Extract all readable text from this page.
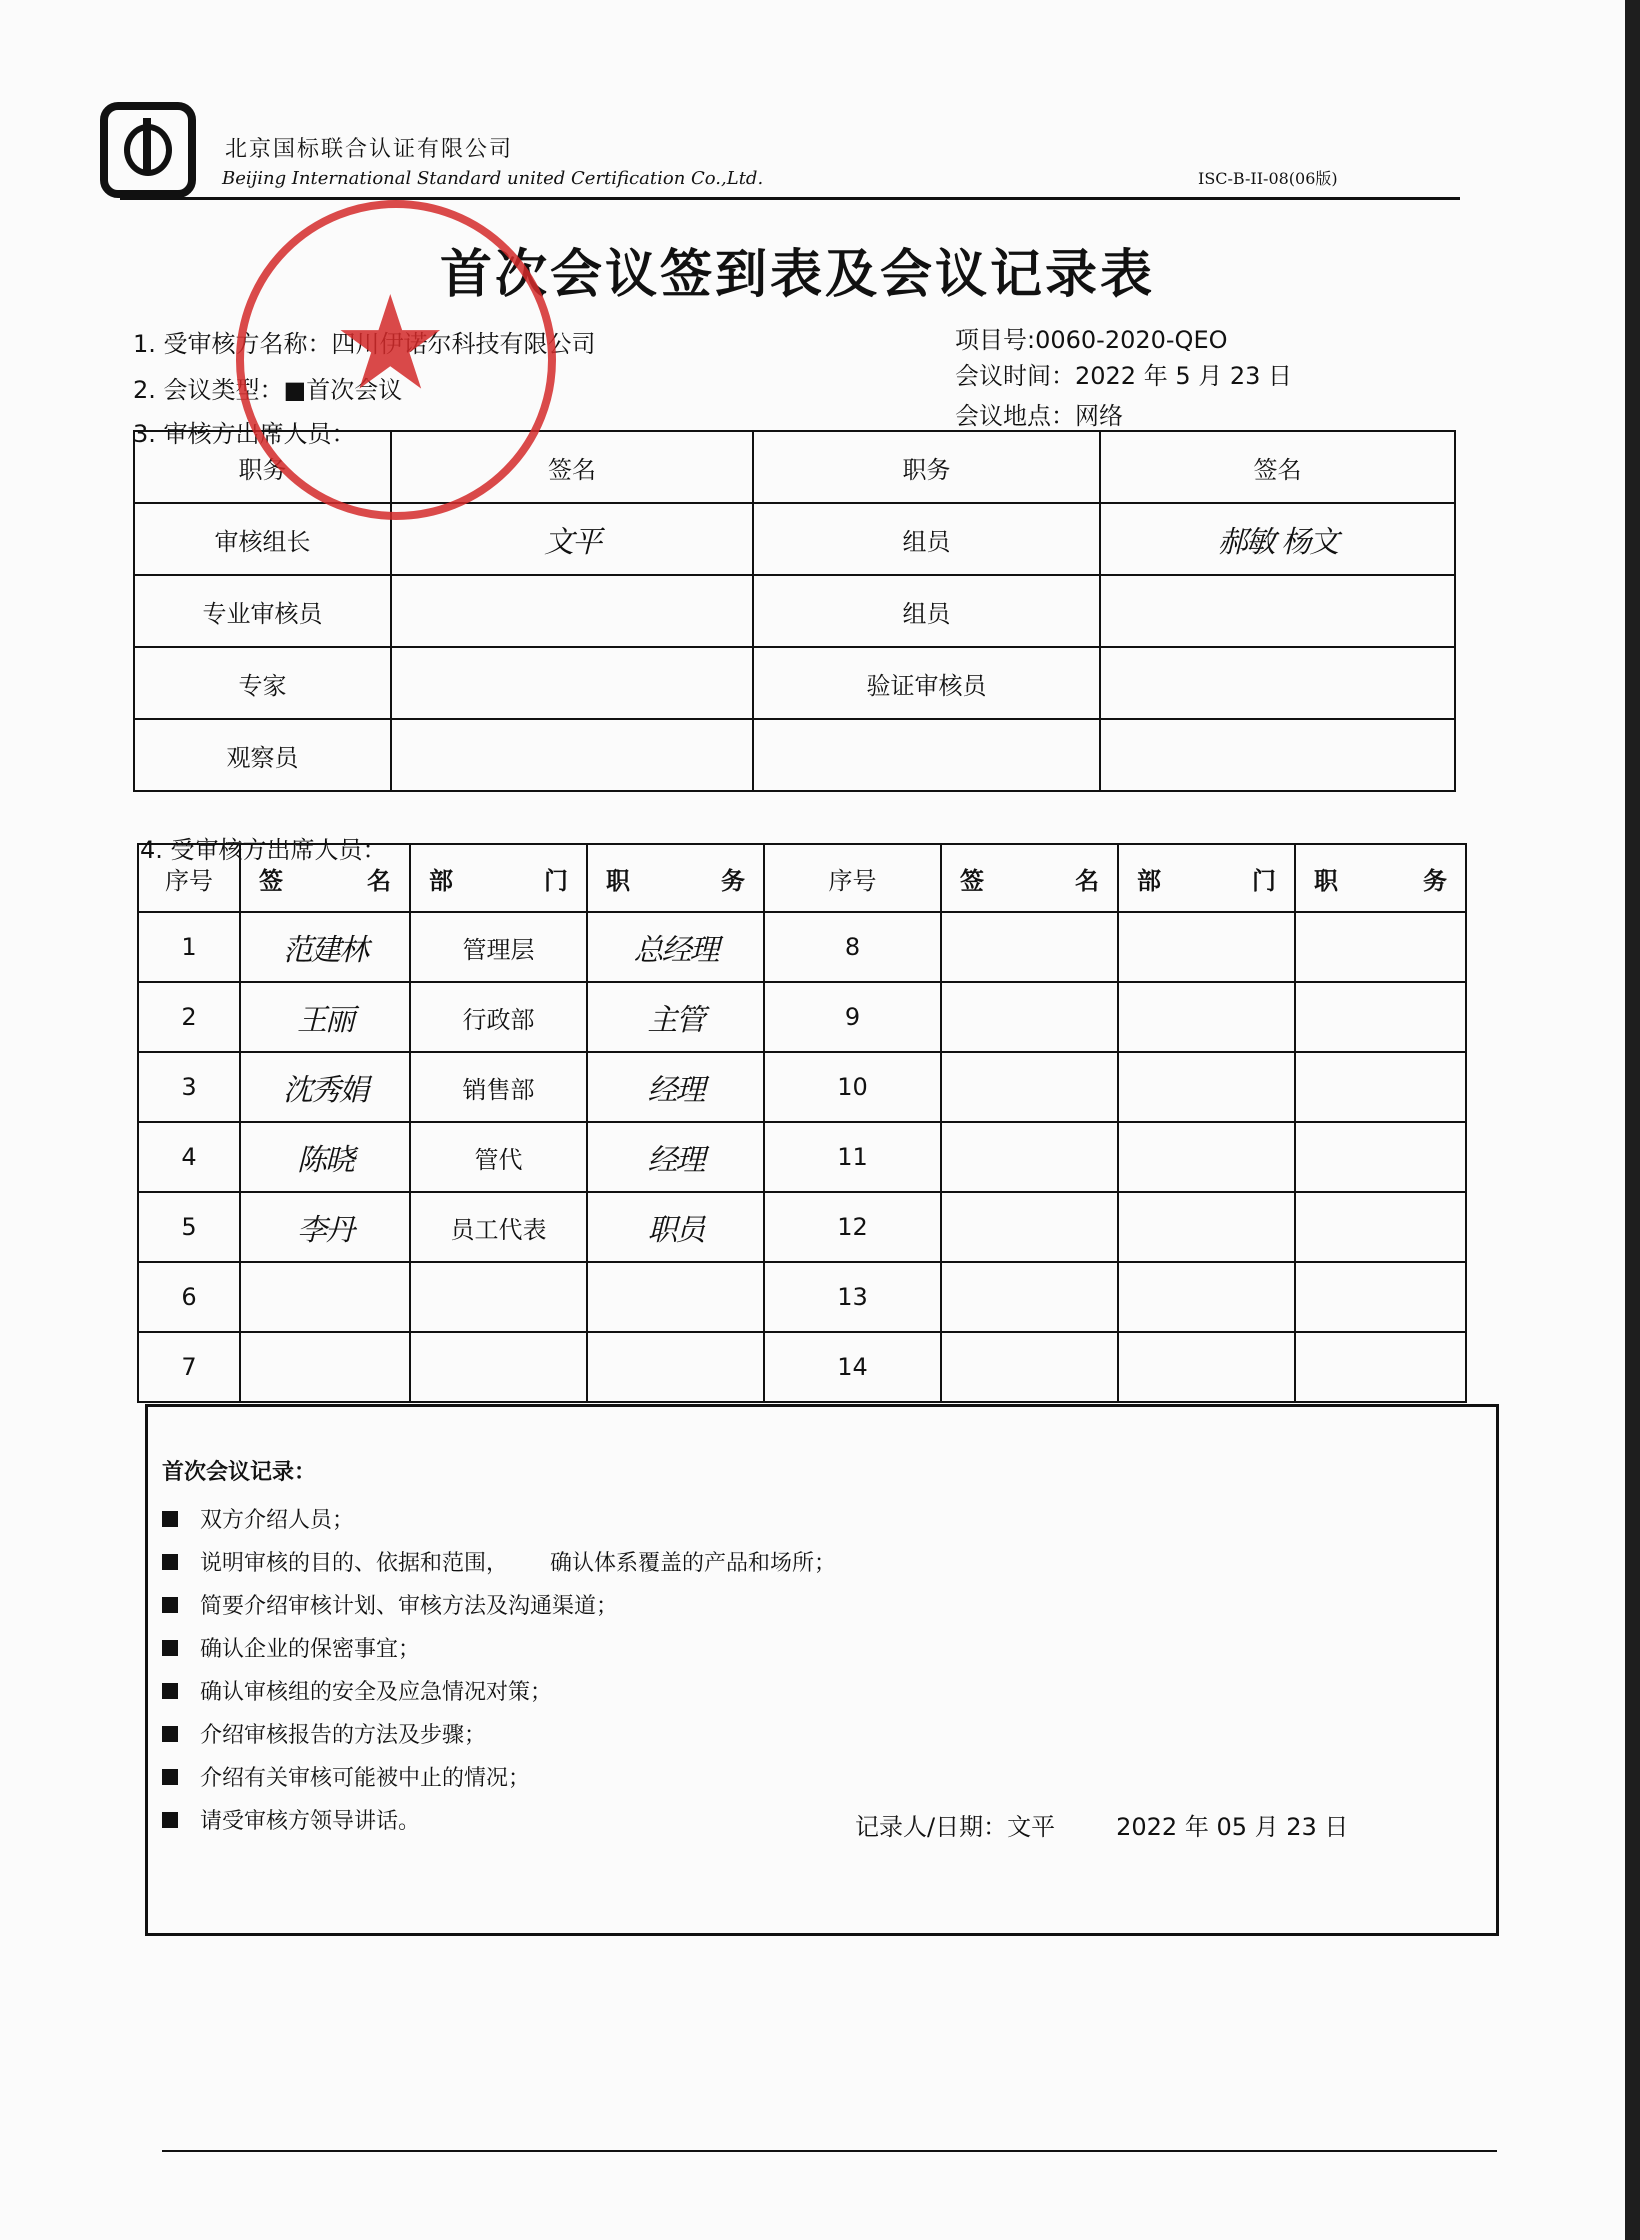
北京国标联合认证有限公司
Beijing International Standard united Certification Co.,Ltd.	ISC-B-II-08(06版)
首次会议签到表及会议记录表
1. 受审核方名称：四川伊诺尔科技有限公司
2. 会议类型：■首次会议
3. 审核方出席人员：
项目号:0060-2020-QEO
会议时间：2022 年 5 月 23 日
会议地点：网络
职务	签名	职务	签名
审核组长	文平	组员	郝敏 杨文
专业审核员		组员	
专家		验证审核员	
观察员			
4. 受审核方出席人员：
序号	签 名	部 门	职 务	序号	签 名	部 门	职 务

1	范建林	管理层	总经理	8			
2	王丽	行政部	主管	9			
3	沈秀娟	销售部	经理	10			
4	陈晓	管代	经理	11			
5	李丹	员工代表	职员	12			
6				13			
7				14			
首次会议记录：
双方介绍人员；
说明审核的目的、依据和范围，      确认体系覆盖的产品和场所；
简要介绍审核计划、审核方法及沟通渠道；
确认企业的保密事宜；
确认审核组的安全及应急情况对策；
介绍审核报告的方法及步骤；
介绍有关审核可能被中止的情况；
请受审核方领导讲话。	记录人/日期：文平        2022 年 05 月 23 日
★
